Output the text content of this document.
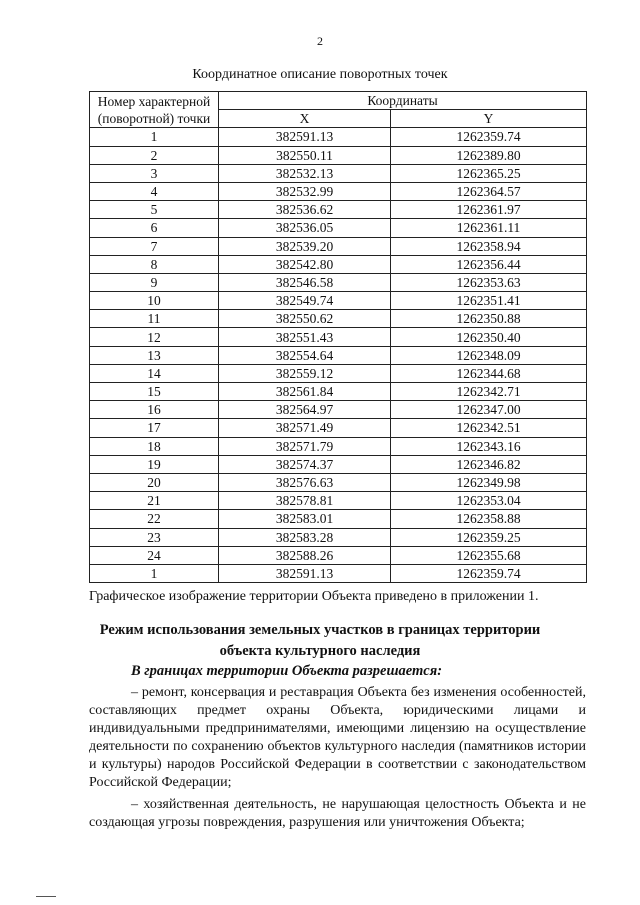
2
Координатное описание поворотных точек
Номер характерной (поворотной) точки	Координаты	
	X	Y
1	382591.13	1262359.74
2	382550.11	1262389.80
3	382532.13	1262365.25
4	382532.99	1262364.57
5	382536.62	1262361.97
6	382536.05	1262361.11
7	382539.20	1262358.94
8	382542.80	1262356.44
9	382546.58	1262353.63
10	382549.74	1262351.41
11	382550.62	1262350.88
12	382551.43	1262350.40
13	382554.64	1262348.09
14	382559.12	1262344.68
15	382561.84	1262342.71
16	382564.97	1262347.00
17	382571.49	1262342.51
18	382571.79	1262343.16
19	382574.37	1262346.82
20	382576.63	1262349.98
21	382578.81	1262353.04
22	382583.01	1262358.88
23	382583.28	1262359.25
24	382588.26	1262355.68
1	382591.13	1262359.74
Графическое изображение территории Объекта приведено в приложении 1.
Режим использования земельных участков в границах территории
объекта культурного наследия
В границах территории Объекта разрешается:
– ремонт, консервация и реставрация Объекта без изменения особенностей, составляющих предмет охраны Объекта, юридическими лицами и индивидуальными предпринимателями, имеющими лицензию на осуществление деятельности по сохранению объектов культурного наследия (памятников истории и культуры) народов Российской Федерации в соответствии с законодательством Российской Федерации;
– хозяйственная деятельность, не нарушающая целостность Объекта и не создающая угрозы повреждения, разрушения или уничтожения Объекта;
